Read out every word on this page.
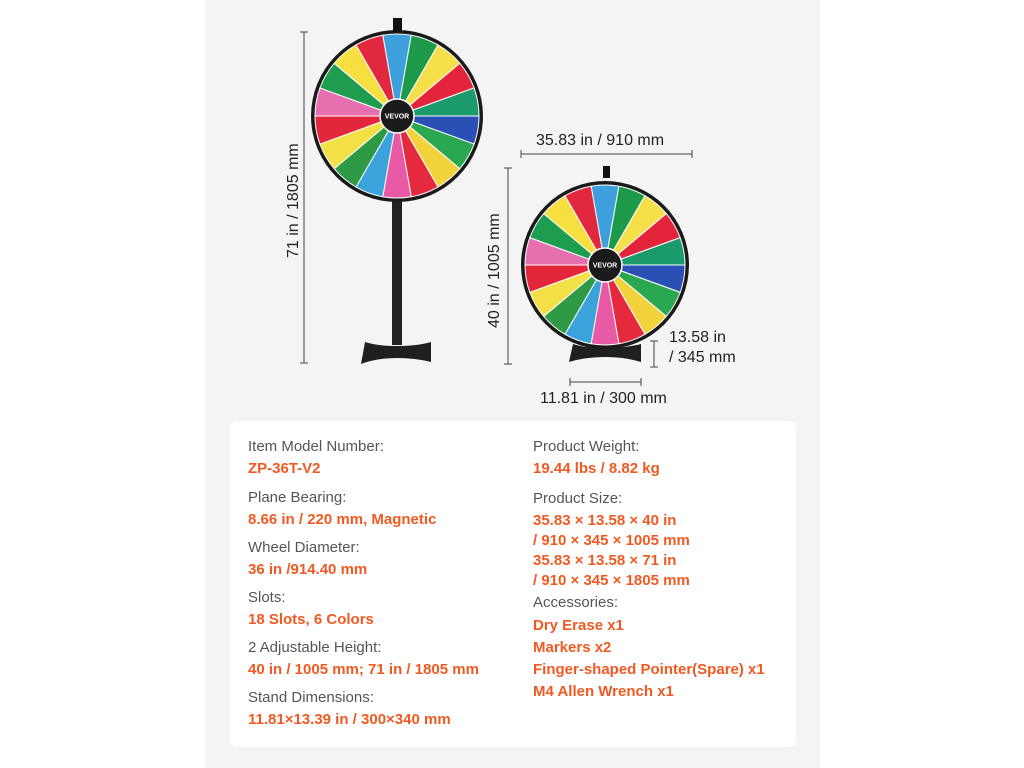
VEVOR
VEVOR
71 in / 1805 mm
35.83 in / 910 mm
40 in / 1005 mm
13.58 in
/ 345 mm
11.81 in / 300 mm
Item Model Number:
ZP-36T-V2
Plane Bearing:
8.66 in / 220 mm, Magnetic
Wheel Diameter:
36 in /914.40 mm
Slots:
18 Slots, 6 Colors
2 Adjustable Height:
40 in / 1005 mm; 71 in / 1805 mm
Stand Dimensions:
11.81×13.39 in / 300×340 mm
Product Weight:
19.44 lbs / 8.82 kg
Product Size:
35.83 × 13.58 × 40 in
/ 910 × 345 × 1005 mm
35.83 × 13.58 × 71 in
/ 910 × 345 × 1805 mm
Accessories:
Dry Erase x1
Markers x2
Finger-shaped Pointer(Spare) x1
M4 Allen Wrench x1
